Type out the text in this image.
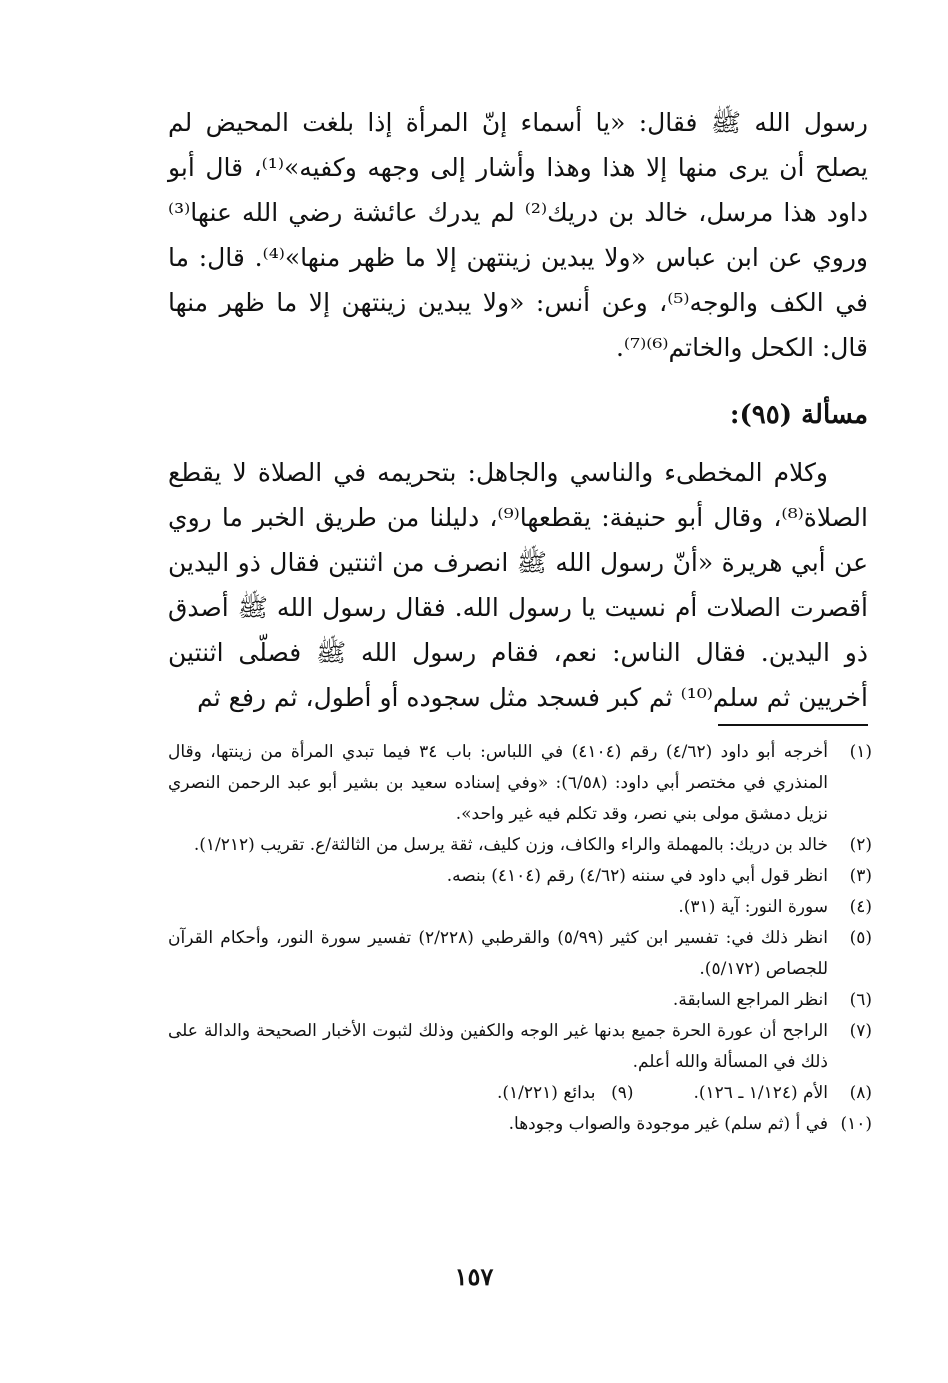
رسول الله ﷺ فقال: «يا أسماء إنّ المرأة إذا بلغت المحيض لم يصلح أن يرى منها إلا هذا وهذا وأشار إلى وجهه وكفيه»⁽¹⁾، قال أبو داود هذا مرسل، خالد بن دريك⁽²⁾ لم يدرك عائشة رضي الله عنها⁽³⁾ وروي عن ابن عباس «ولا يبدين زينتهن إلا ما ظهر منها»⁽⁴⁾. قال: ما في الكف والوجه⁽⁵⁾، وعن أنس: «ولا يبدين زينتهن إلا ما ظهر منها قال: الكحل والخاتم⁽⁶⁾⁽⁷⁾.

مسألة (٩٥):

وكلام المخطىء والناسي والجاهل: بتحريمه في الصلاة لا يقطع الصلاة⁽⁸⁾، وقال أبو حنيفة: يقطعها⁽⁹⁾، دليلنا من طريق الخبر ما روي عن أبي هريرة «أنّ رسول الله ﷺ انصرف من اثنتين فقال ذو اليدين أقصرت الصلات أم نسيت يا رسول الله. فقال رسول الله ﷺ أصدق ذو اليدين. فقال الناس: نعم، فقام رسول الله ﷺ فصلّى اثنتين أخريين ثم سلم⁽¹⁰⁾ ثم كبر فسجد مثل سجوده أو أطول، ثم رفع ثم

(١)
أخرجه أبو داود (٤/٦٢) رقم (٤١٠٤) في اللباس: باب ٣٤ فيما تبدي المرأة من زينتها، وقال المنذري في مختصر أبي داود: (٦/٥٨): «وفي إسناده سعيد بن بشير أبو عبد الرحمن النصري نزيل دمشق مولى بني نصر، وقد تكلم فيه غير واحد».
(٢)
خالد بن دريك: بالمهملة والراء والكاف، وزن كليف، ثقة يرسل من الثالثة/ع. تقريب (١/٢١٢).
(٣)
انظر قول أبي داود في سننه (٤/٦٢) رقم (٤١٠٤) بنصه.
(٤)
سورة النور: آية (٣١).
(٥)
انظر ذلك في: تفسير ابن كثير (٥/٩٩) والقرطبي (٢/٢٢٨) تفسير سورة النور، وأحكام القرآن للجصاص (٥/١٧٢).
(٦)
انظر المراجع السابقة.
(٧)
الراجح أن عورة الحرة جميع بدنها غير الوجه والكفين وذلك لثبوت الأخبار الصحيحة والدالة على ذلك في المسألة والله أعلم.
(٨)
الأم (١/١٢٤ ـ ١٢٦).
(٩)
بدائع (١/٢٢١).
(١٠)
في أ (ثم سلم) غير موجودة والصواب وجودها.
١٥٧
